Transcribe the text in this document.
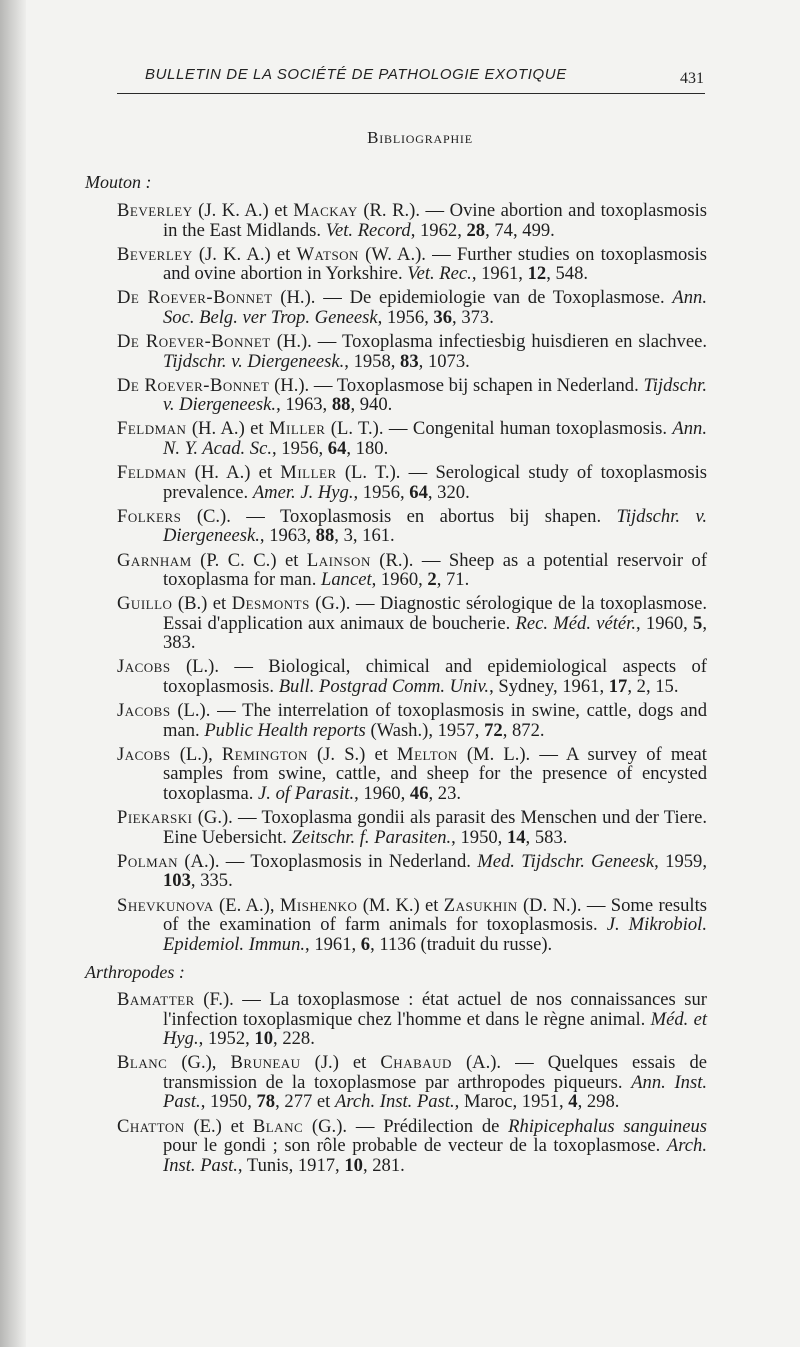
BULLETIN DE LA SOCIÉTÉ DE PATHOLOGIE EXOTIQUE	431
Bibliographie
Mouton :
Beverley (J. K. A.) et Mackay (R. R.). — Ovine abortion and toxoplasmosis in the East Midlands. Vet. Record, 1962, 28, 74, 499.
Beverley (J. K. A.) et Watson (W. A.). — Further studies on toxoplasmosis and ovine abortion in Yorkshire. Vet. Rec., 1961, 12, 548.
De Roever-Bonnet (H.). — De epidemiologie van de Toxoplasmose. Ann. Soc. Belg. ver Trop. Geneesk, 1956, 36, 373.
De Roever-Bonnet (H.). — Toxoplasma infectiesbig huisdieren en slachvee. Tijdschr. v. Diergeneesk., 1958, 83, 1073.
De Roever-Bonnet (H.). — Toxoplasmose bij schapen in Nederland. Tijdschr. v. Diergeneesk., 1963, 88, 940.
Feldman (H. A.) et Miller (L. T.). — Congenital human toxoplasmosis. Ann. N. Y. Acad. Sc., 1956, 64, 180.
Feldman (H. A.) et Miller (L. T.). — Serological study of toxoplasmosis prevalence. Amer. J. Hyg., 1956, 64, 320.
Folkers (C.). — Toxoplasmosis en abortus bij shapen. Tijdschr. v. Diergeneesk., 1963, 88, 3, 161.
Garnham (P. C. C.) et Lainson (R.). — Sheep as a potential reservoir of toxoplasma for man. Lancet, 1960, 2, 71.
Guillo (B.) et Desmonts (G.). — Diagnostic sérologique de la toxoplasmose. Essai d'application aux animaux de boucherie. Rec. Méd. vétér., 1960, 5, 383.
Jacobs (L.). — Biological, chimical and epidemiological aspects of toxoplasmosis. Bull. Postgrad Comm. Univ., Sydney, 1961, 17, 2, 15.
Jacobs (L.). — The interrelation of toxoplasmosis in swine, cattle, dogs and man. Public Health reports (Wash.), 1957, 72, 872.
Jacobs (L.), Remington (J. S.) et Melton (M. L.). — A survey of meat samples from swine, cattle, and sheep for the presence of encysted toxoplasma. J. of Parasit., 1960, 46, 23.
Piekarski (G.). — Toxoplasma gondii als parasit des Menschen und der Tiere. Eine Uebersicht. Zeitschr. f. Parasiten., 1950, 14, 583.
Polman (A.). — Toxoplasmosis in Nederland. Med. Tijdschr. Geneesk, 1959, 103, 335.
Shevkunova (E. A.), Mishenko (M. K.) et Zasukhin (D. N.). — Some results of the examination of farm animals for toxoplasmosis. J. Mikrobiol. Epidemiol. Immun., 1961, 6, 1136 (traduit du russe).
Arthropodes :
Bamatter (F.). — La toxoplasmose : état actuel de nos connaissances sur l'infection toxoplasmique chez l'homme et dans le règne animal. Méd. et Hyg., 1952, 10, 228.
Blanc (G.), Bruneau (J.) et Chabaud (A.). — Quelques essais de transmission de la toxoplasmose par arthropodes piqueurs. Ann. Inst. Past., 1950, 78, 277 et Arch. Inst. Past., Maroc, 1951, 4, 298.
Chatton (E.) et Blanc (G.). — Prédilection de Rhipicephalus sanguineus pour le gondi ; son rôle probable de vecteur de la toxoplasmose. Arch. Inst. Past., Tunis, 1917, 10, 281.
